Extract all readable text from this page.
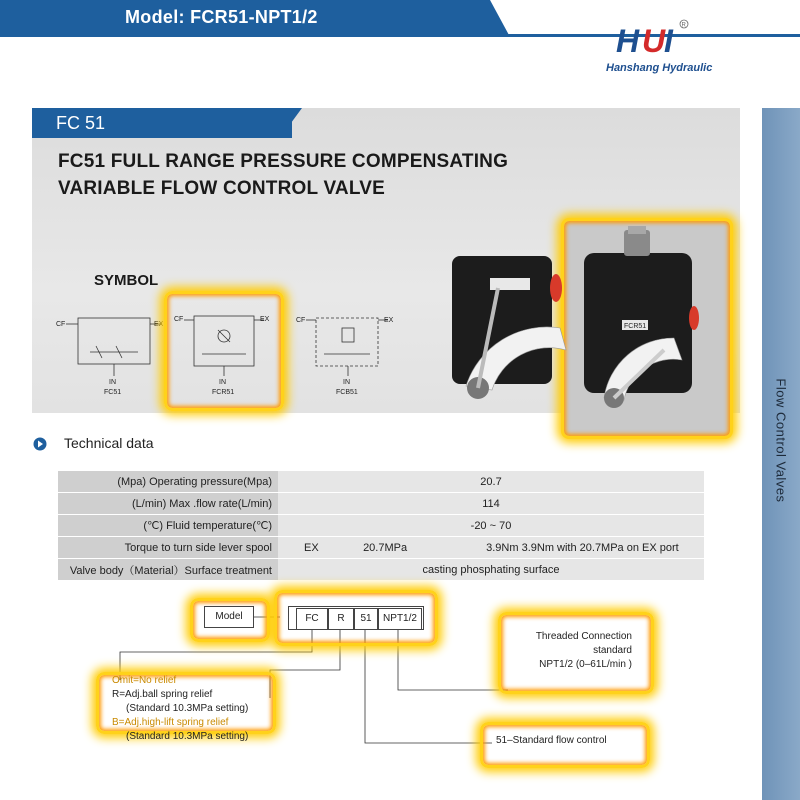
Model: FCR51-NPT1/2
H U
I R
Hanshang Hydraulic
Flow Control Valves
FC 51
FC51 FULL RANGE PRESSURE COMPENSATING
VARIABLE FLOW CONTROL VALVE
SYMBOL
CF	EX
IN
FC51
CF	EX
IN
FCR51
CF	EX
IN
FCB51
FCR51
Technical data
(Mpa) Operating pressure(Mpa)	20.7
(L/min) Max .flow rate(L/min)	114
(℃) Fluid temperature(℃)	-20 ~ 70
Torque to turn side lever spool	EX 20.7MPa 3.9Nm 3.9Nm with 20.7MPa on EX port
Valve body（Material）Surface treatment	casting phosphating surface
Model	FC	R	51	NPT1/2
Threaded Connection
standard
NPT1/2 (0–61L/min )
Omit=No relief
R=Adj.ball spring relief
(Standard 10.3MPa setting)
B=Adj.high-lift spring relief
(Standard 10.3MPa setting)	51–Standard flow control
